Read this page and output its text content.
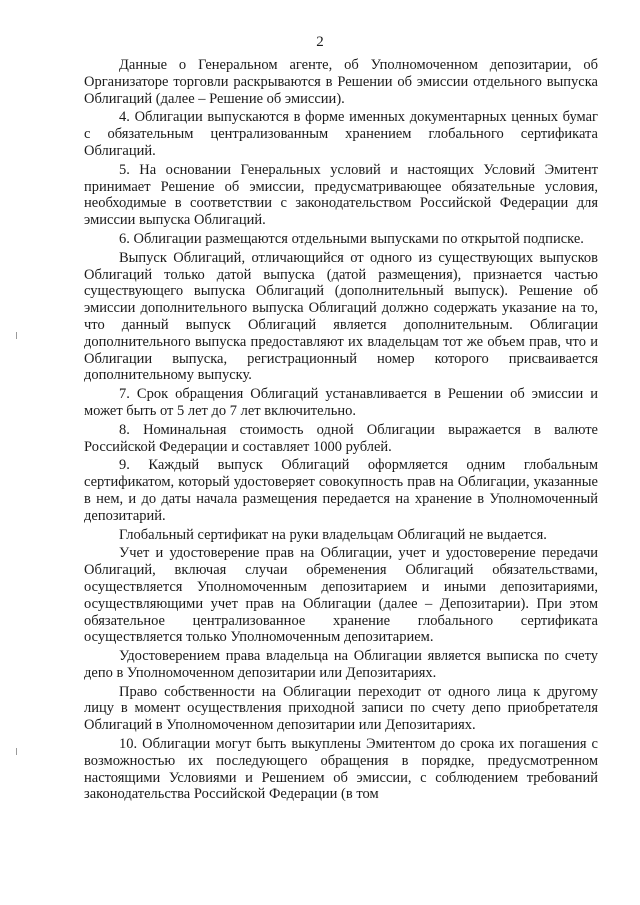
2

Данные о Генеральном агенте, об Уполномоченном депозитарии, об Организаторе торговли раскрываются в Решении об эмиссии отдельного выпуска Облигаций (далее – Решение об эмиссии).

4. Облигации выпускаются в форме именных документарных ценных бумаг с обязательным централизованным хранением глобального сертификата Облигаций.

5. На основании Генеральных условий и настоящих Условий Эмитент принимает Решение об эмиссии, предусматривающее обязательные условия, необходимые в соответствии с законодательством Российской Федерации для эмиссии выпуска Облигаций.

6. Облигации размещаются отдельными выпусками по открытой подписке.

Выпуск Облигаций, отличающийся от одного из существующих выпусков Облигаций только датой выпуска (датой размещения), признается частью существующего выпуска Облигаций (дополнительный выпуск). Решение об эмиссии дополнительного выпуска Облигаций должно содержать указание на то, что данный выпуск Облигаций является дополнительным. Облигации дополнительного выпуска предоставляют их владельцам тот же объем прав, что и Облигации выпуска, регистрационный номер которого присваивается дополнительному выпуску.

7. Срок обращения Облигаций устанавливается в Решении об эмиссии и может быть от 5 лет до 7 лет включительно.

8. Номинальная стоимость одной Облигации выражается в валюте Российской Федерации и составляет 1000 рублей.

9. Каждый выпуск Облигаций оформляется одним глобальным сертификатом, который удостоверяет совокупность прав на Облигации, указанные в нем, и до даты начала размещения передается на хранение в Уполномоченный депозитарий.

Глобальный сертификат на руки владельцам Облигаций не выдается.

Учет и удостоверение прав на Облигации, учет и удостоверение передачи Облигаций, включая случаи обременения Облигаций обязательствами, осуществляется Уполномоченным депозитарием и иными депозитариями, осуществляющими учет прав на Облигации (далее – Депозитарии). При этом обязательное централизованное хранение глобального сертификата осуществляется только Уполномоченным депозитарием.

Удостоверением права владельца на Облигации является выписка по счету депо в Уполномоченном депозитарии или Депозитариях.

Право собственности на Облигации переходит от одного лица к другому лицу в момент осуществления приходной записи по счету депо приобретателя Облигаций в Уполномоченном депозитарии или Депозитариях.

10. Облигации могут быть выкуплены Эмитентом до срока их погашения с возможностью их последующего обращения в порядке, предусмотренном настоящими Условиями и Решением об эмиссии, с соблюдением требований законодательства Российской Федерации (в том
